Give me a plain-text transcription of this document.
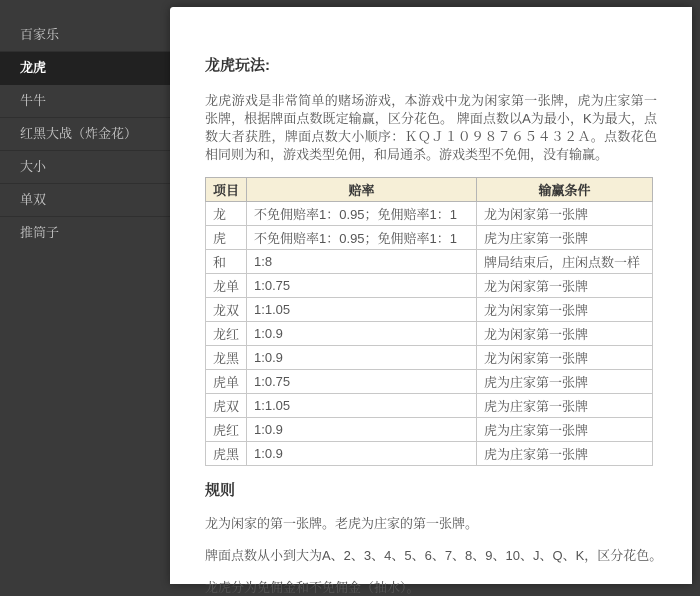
百家乐
龙虎
牛牛
红黑大战（炸金花）
大小
单双
推筒子
龙虎玩法:

龙虎游戏是非常简单的赌场游戏，本游戏中龙为闲家第一张牌，虎为庄家第一张牌，根据牌面点数既定输赢，区分花色。 牌面点数以A为最小，K为最大，点数大者获胜，牌面点数大小顺序：ＫＱＪ１０９８７６５４３２Ａ。点数花色相同则为和，游戏类型免佣，和局通杀。游戏类型不免佣，没有输赢。

项目	赔率	输赢条件
龙	不免佣赔率1：0.95；免佣赔率1：1	龙为闲家第一张牌
虎	不免佣赔率1：0.95；免佣赔率1：1	虎为庄家第一张牌
和	1:8	牌局结束后，庄闲点数一样
龙单	1:0.75	龙为闲家第一张牌
龙双	1:1.05	龙为闲家第一张牌
龙红	1:0.9	龙为闲家第一张牌
龙黑	1:0.9	龙为闲家第一张牌
虎单	1:0.75	虎为庄家第一张牌
虎双	1:1.05	虎为庄家第一张牌
虎红	1:0.9	虎为庄家第一张牌
虎黑	1:0.9	虎为庄家第一张牌
规则

龙为闲家的第一张牌。老虎为庄家的第一张牌。

牌面点数从小到大为A、2、3、4、5、6、7、8、9、10、J、Q、K，区分花色。

龙虎分为免佣金和不免佣金（抽水）。
